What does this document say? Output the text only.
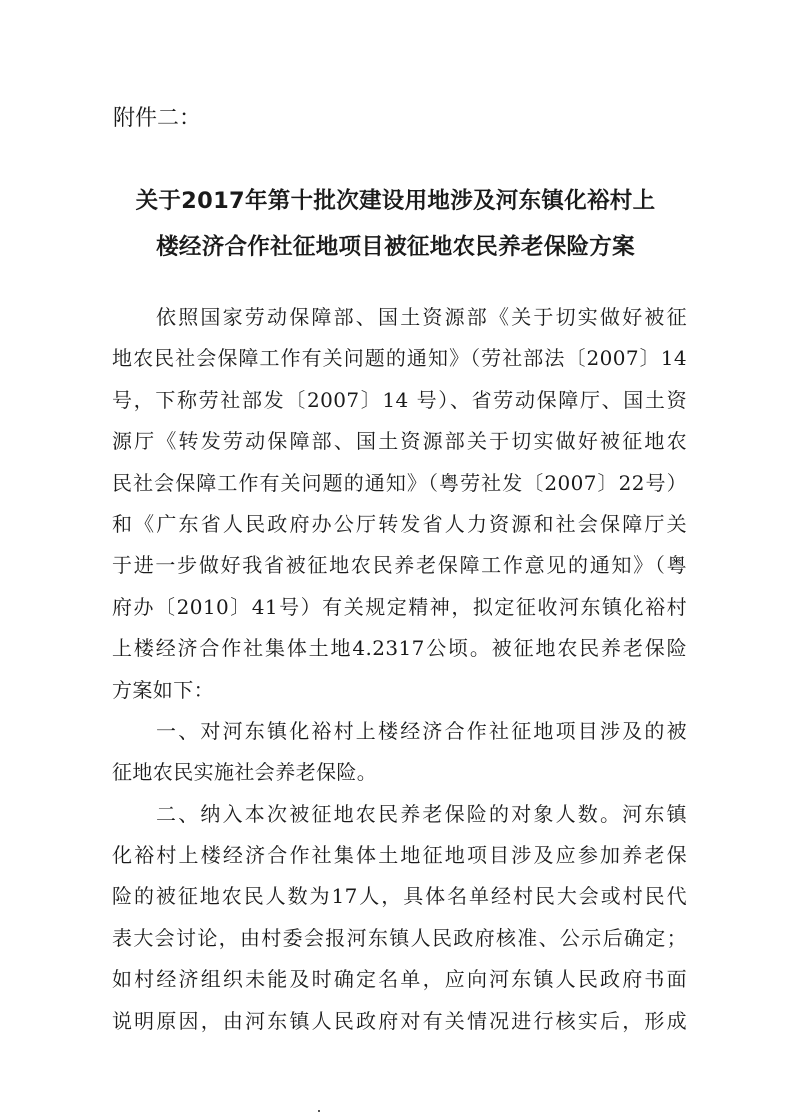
附件二：

关于2017年第十批次建设用地涉及河东镇化裕村上
楼经济合作社征地项目被征地农民养老保险方案
依照国家劳动保障部、国土资源部《关于切实做好被征
地农民社会保障工作有关问题的通知》（劳社部法〔2007〕14
号，下称劳社部发〔2007〕14 号）、省劳动保障厅、国土资
源厅《转发劳动保障部、国土资源部关于切实做好被征地农
民社会保障工作有关问题的通知》（粤劳社发〔2007〕22号）
和《广东省人民政府办公厅转发省人力资源和社会保障厅关
于进一步做好我省被征地农民养老保障工作意见的通知》（粤
府办〔2010〕41号）有关规定精神，拟定征收河东镇化裕村
上楼经济合作社集体土地4.2317公顷。被征地农民养老保险
方案如下：
一、对河东镇化裕村上楼经济合作社征地项目涉及的被
征地农民实施社会养老保险。
二、纳入本次被征地农民养老保险的对象人数。河东镇
化裕村上楼经济合作社集体土地征地项目涉及应参加养老保
险的被征地农民人数为17人，具体名单经村民大会或村民代
表大会讨论，由村委会报河东镇人民政府核准、公示后确定；
如村经济组织未能及时确定名单，应向河东镇人民政府书面
说明原因，由河东镇人民政府对有关情况进行核实后，形成
